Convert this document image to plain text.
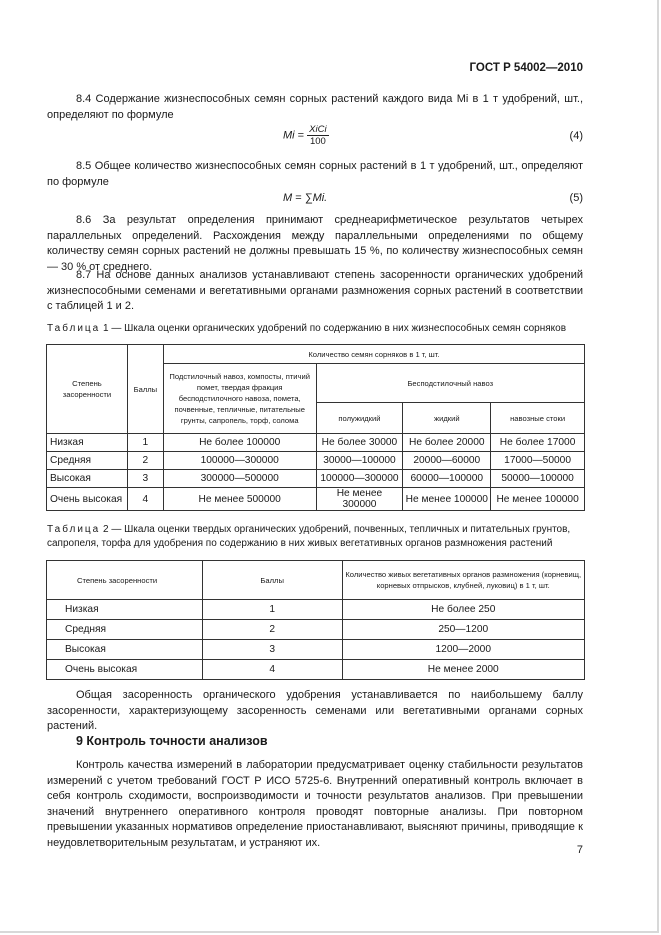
ГОСТ Р 54002—2010

8.4 Содержание жизнеспособных семян сорных растений каждого вида Mi в 1 т удобрений, шт., определяют по формуле

Mi = XiCi
100	(4)

8.5 Общее количество жизнеспособных семян сорных растений в 1 т удобрений, шт., определяют по формуле

M = ∑Mi.	(5)

8.6 За результат определения принимают среднеарифметическое результатов четырех параллельных определений. Расхождения между параллельными определениями по общему количеству семян сорных растений не должны превышать 15 %, по количеству жизнеспособных семян — 30 % от среднего.

8.7 На основе данных анализов устанавливают степень засоренности органических удобрений жизнеспособными семенами и вегетативными органами размножения сорных растений в соответствии с таблицей 1 и 2.

Таблица 1 — Шкала оценки органических удобрений по содержанию в них жизнеспособных семян сорняков

Степень засоренности	Баллы	Количество семян сорняков в 1 т, шт.			
		Подстилочный навоз, компосты, птичий помет, твердая фракция бесподстилочного навоза, помета, почвенные, тепличные, питательные грунты, сапропель, торф, солома	Бесподстилочный навоз		
			полужидкий	жидкий	навозные стоки
Низкая	1	Не более 100000	Не более 30000	Не более 20000	Не более 17000
Средняя	2	100000—300000	30000—100000	20000—60000	17000—50000
Высокая	3	300000—500000	100000—300000	60000—100000	50000—100000
Очень высокая	4	Не менее 500000	Не менее 300000	Не менее 100000	Не менее 100000

Таблица 2 — Шкала оценки твердых органических удобрений, почвенных, тепличных и питательных грунтов, сапропеля, торфа для удобрения по содержанию в них живых вегетативных органов размножения растений

Степень засоренности	Баллы	Количество живых вегетативных органов размножения (корневищ, корневых отпрысков, клубней, луковиц) в 1 т, шт.
Низкая	1	Не более 250
Средняя	2	250—1200
Высокая	3	1200—2000
Очень высокая	4	Не менее 2000

Общая засоренность органического удобрения устанавливается по наибольшему баллу засоренности, характеризующему засоренность семенами или вегетативными органами сорных растений.

9 Контроль точности анализов

Контроль качества измерений в лаборатории предусматривает оценку стабильности результатов измерений с учетом требований ГОСТ Р ИСО 5725-6. Внутренний оперативный контроль включает в себя контроль сходимости, воспроизводимости и точности результатов анализов. При превышении значений внутреннего оперативного контроля проводят повторные анализы. При повторном превышении указанных нормативов определение приостанавливают, выясняют причины, приводящие к неудовлетворительным результатам, и устраняют их.

7
